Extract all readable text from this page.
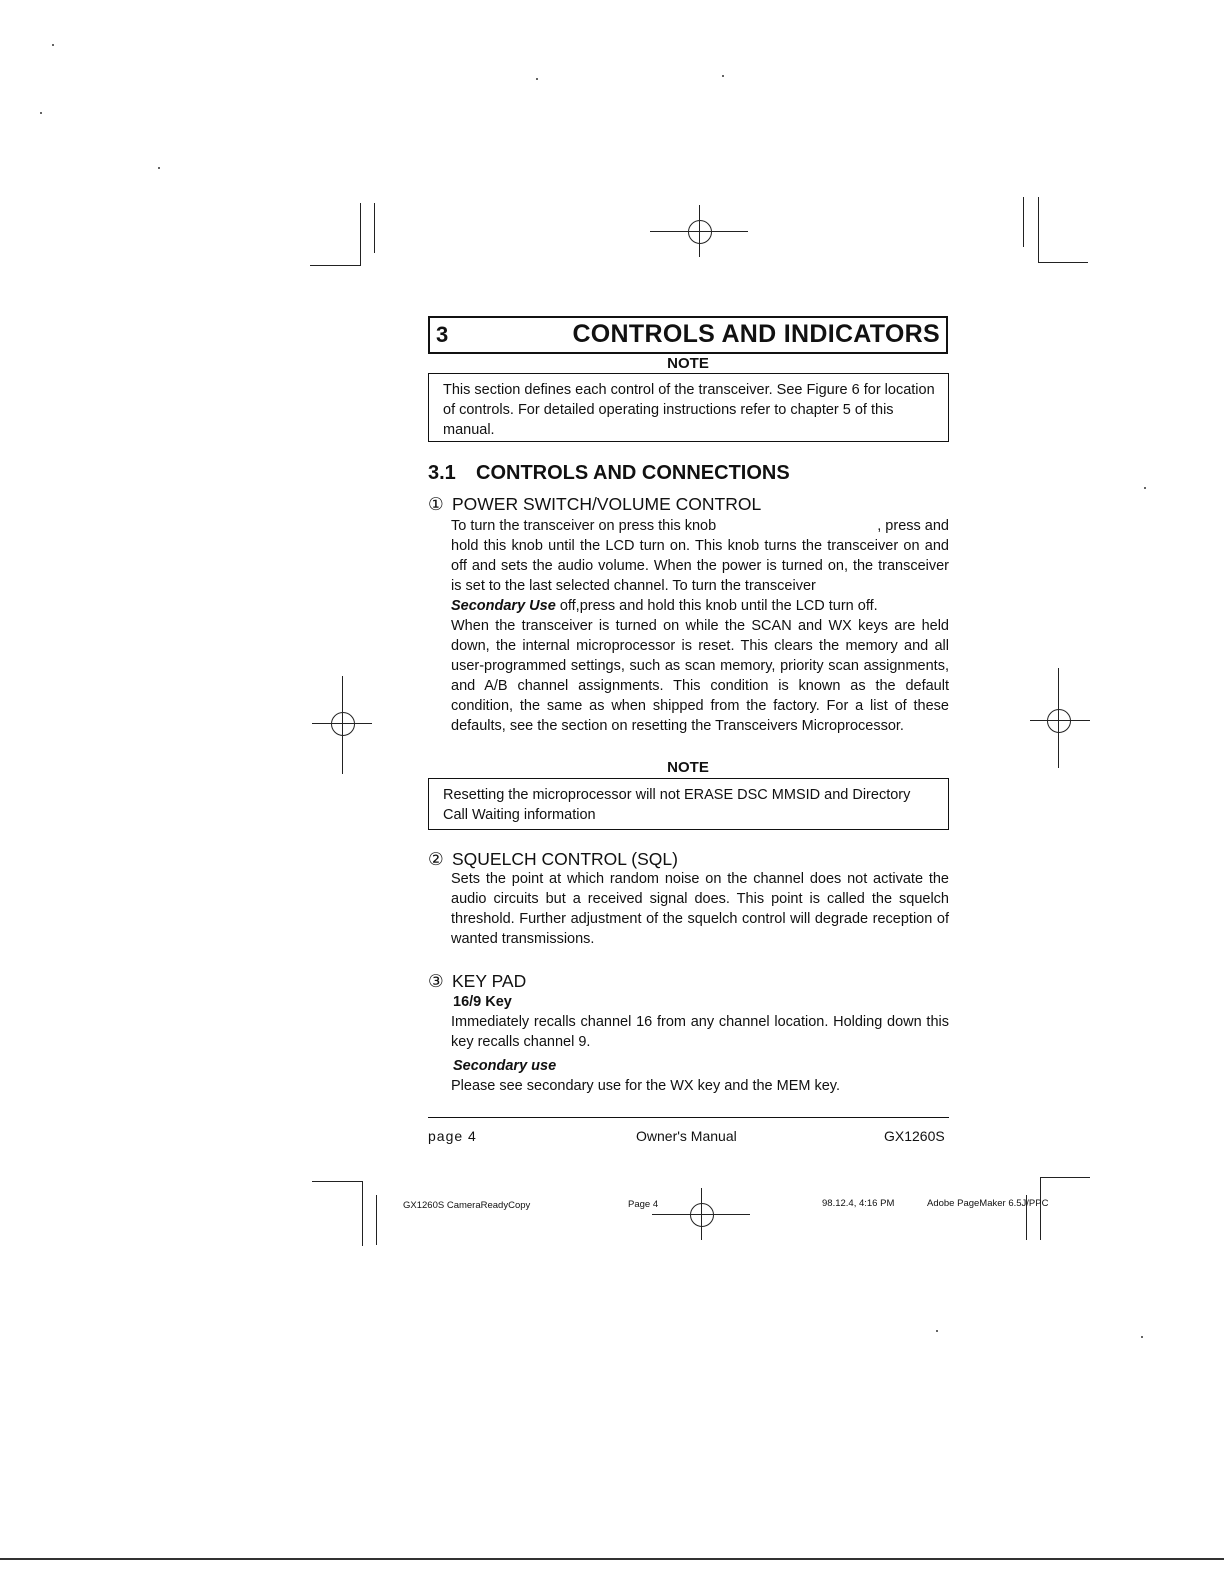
3	CONTROLS AND INDICATORS
NOTE
This section defines each control of the transceiver. See Figure 6 for location of controls. For detailed operating instructions refer to chapter 5 of this manual.
3.1 CONTROLS AND CONNECTIONS
① POWER SWITCH/VOLUME CONTROL
To turn the transceiver on press this knob	, press and
hold this knob until the LCD turn on. This knob turns the transceiver on and off and sets the audio volume. When the power is turned on, the transceiver is set to the last selected channel. To turn the transceiver
Secondary Use off,press and hold this knob until the LCD turn off.
When the transceiver is turned on while the SCAN and WX keys are held down, the internal microprocessor is reset. This clears the memory and all user-programmed settings, such as scan memory, priority scan assignments, and A/B channel assignments. This condition is known as the default condition, the same as when shipped from the factory. For a list of these defaults, see the section on resetting the Transceivers Microprocessor.
NOTE
Resetting the microprocessor will not ERASE DSC MMSID and Directory Call Waiting information
② SQUELCH CONTROL (SQL)
Sets the point at which random noise on the channel does not activate the audio circuits but a received signal does. This point is called the squelch threshold. Further adjustment of the squelch control will degrade reception of wanted transmissions.
③ KEY PAD
16/9 Key
Immediately recalls channel 16 from any channel location. Holding down this key recalls channel 9.
Secondary use
Please see secondary use for the WX key and the MEM key.
page 4	Owner's Manual	GX1260S
GX1260S CameraReadyCopy	Page 4	98.12.4, 4:16 PM	Adobe PageMaker 6.5J/PPC
